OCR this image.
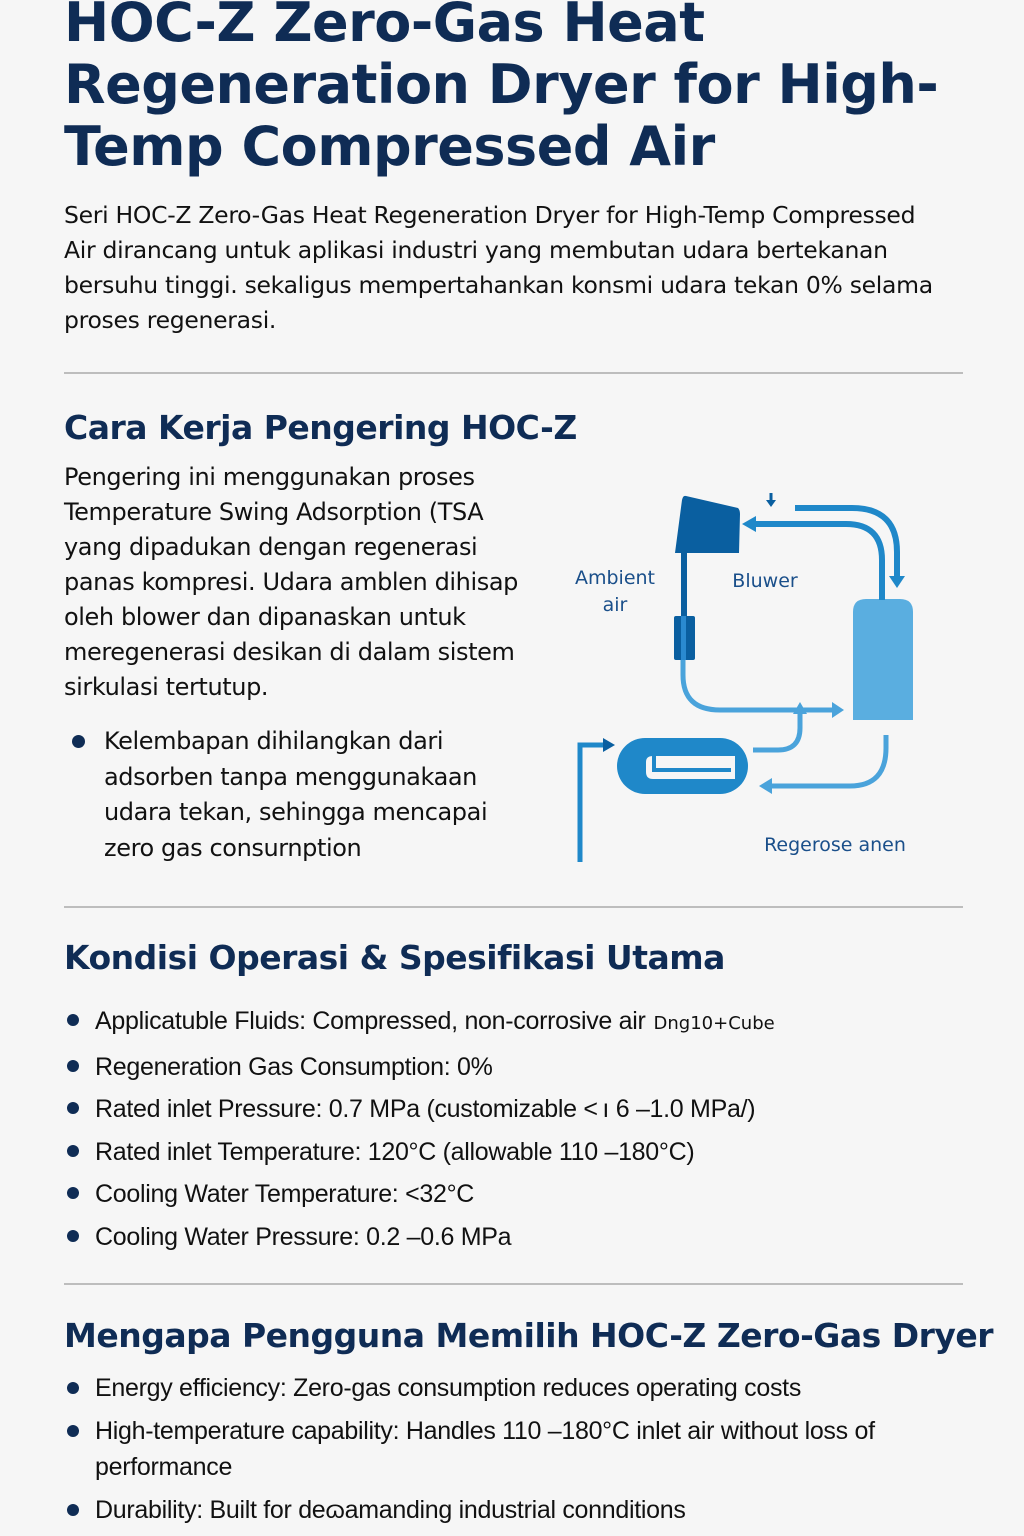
HOC-Z Zero-Gas Heat Regeneration Dryer for High-Temp Compressed Air

Seri HOC-Z Zero-Gas Heat Regeneration Dryer for High-Temp Compressed Air dirancang untuk aplikasi industri yang membutan udara bertekanan bersuhu tinggi. sekaligus mempertahankan konsmi udara tekan 0% selama proses regenerasi.

Cara Kerja Pengering HOC-Z

Pengering ini menggunakan proses Temperature Swing Adsorption (TSA yang dipadukan dengan regenerasi panas kompresi. Udara amblen dihisap oleh blower dan dipanaskan untuk meregenerasi desikan di dalam sistem sirkulasi tertutup.

Kelembapan dihilangkan dari adsorben tanpa menggunakaan udara tekan, sehingga mencapai zero gas consurnption
Ambient air
Bluwer
Regerose anen
Kondisi Operasi & Spesifikasi Utama
Applicatuble Fluids: Compressed, non-corrosive air Dng10+Cube
Regeneration Gas Consumption: 0%
Rated inlet Pressure: 0.7 MPa (customizable < ı 6 –1.0 MPa/)
Rated inlet Temperature: 120°C (allowable 110 –180°C)
Cooling Water Temperature: <32°C
Cooling Water Pressure: 0.2 –0.6 MPa
Mengapa Pengguna Memilih HOC-Z Zero-Gas Dryer
Energy efficiency: Zero-gas consumption reduces operating costs
High-temperature capability: Handles 110 –180°C inlet air without loss of performance
Durability: Built for deɷamanding industrial connditions
